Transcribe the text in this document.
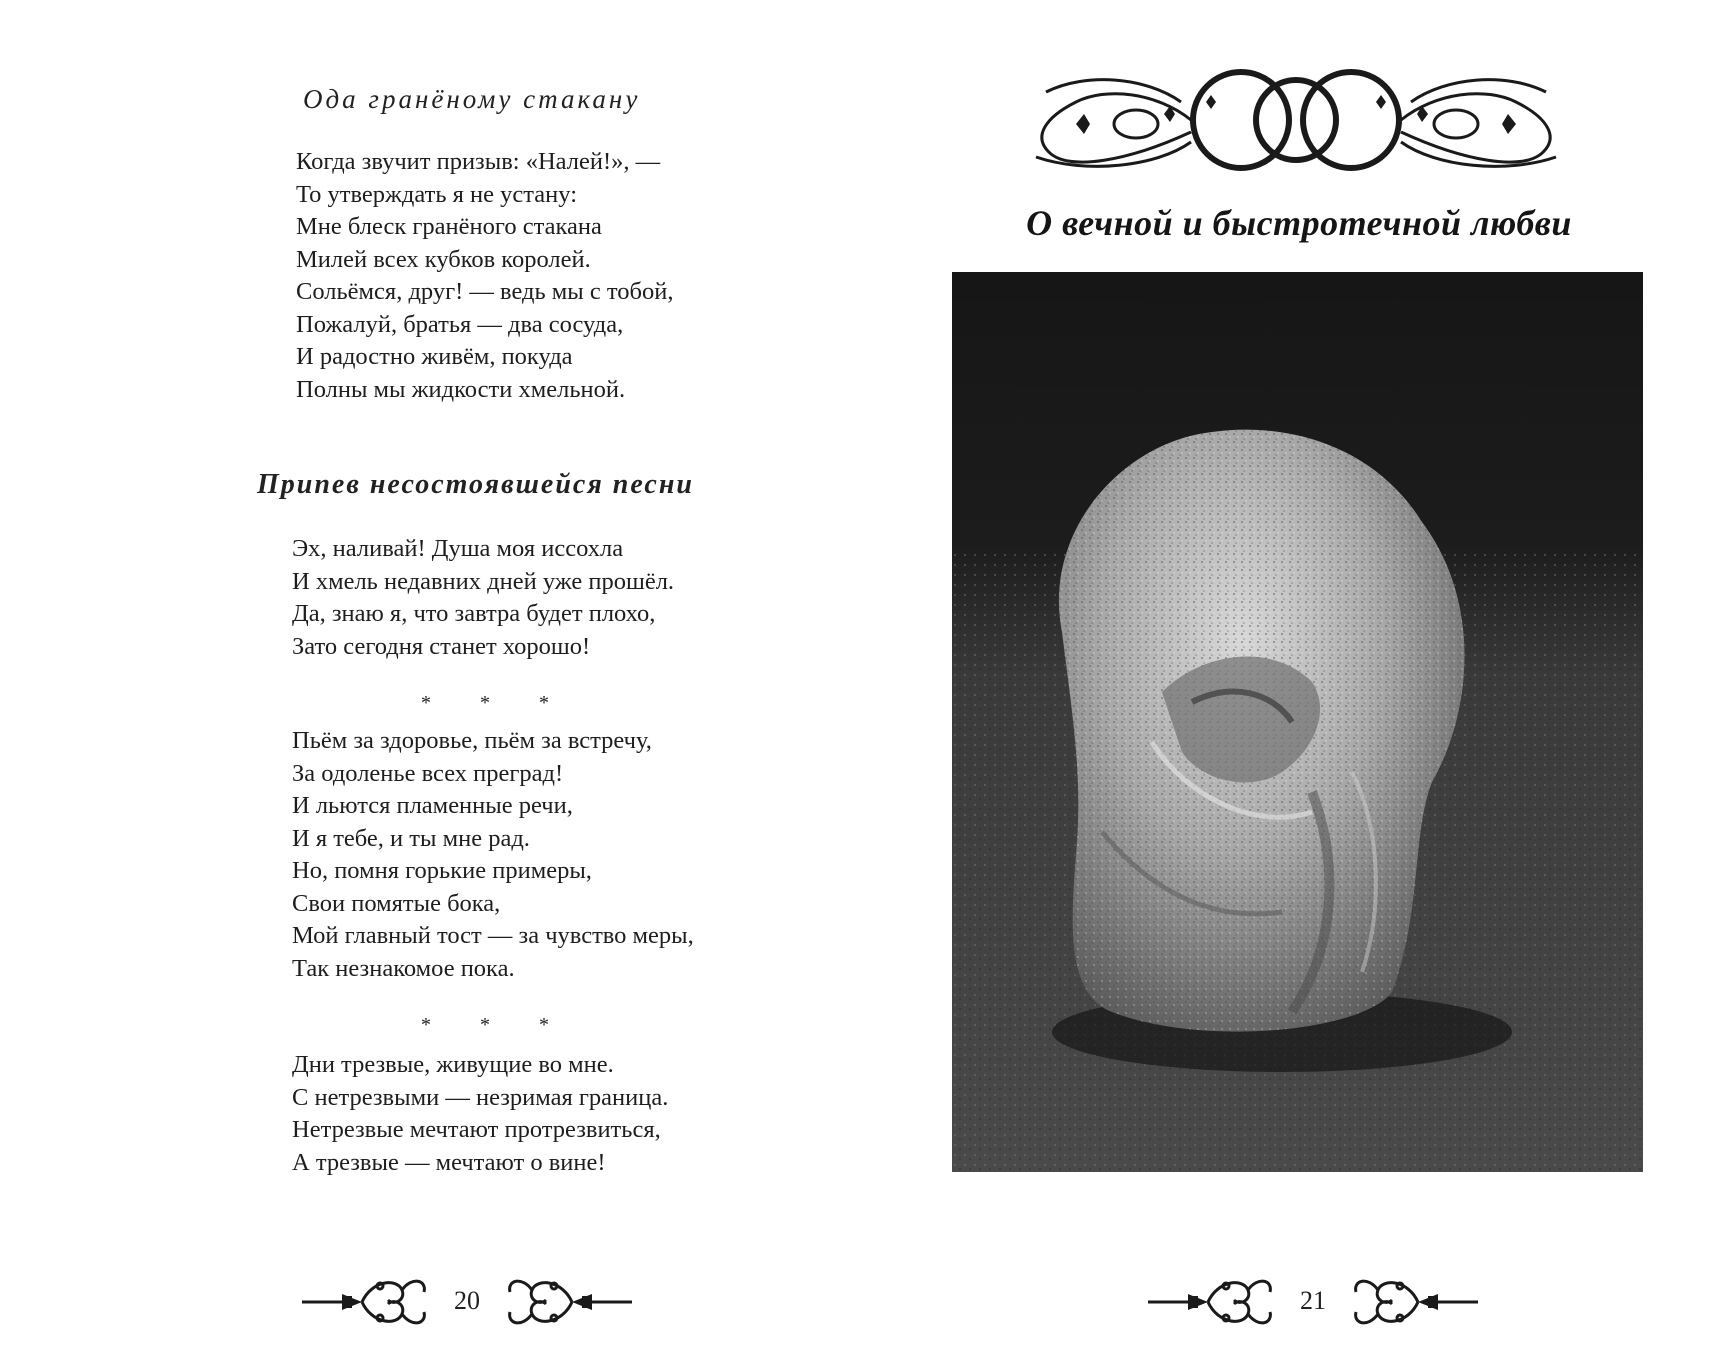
Ода гранёному стакану
Когда звучит призыв: «Налей!», —
То утверждать я не устану:
Мне блеск гранёного стакана
Милей всех кубков королей.
Сольёмся, друг! — ведь мы с тобой,
Пожалуй, братья — два сосуда,
И радостно живём, покуда
Полны мы жидкости хмельной.
Припев несостоявшейся песни
Эх, наливай! Душа моя иссохла
И хмель недавних дней уже прошёл.
Да, знаю я, что завтра будет плохо,
Зато сегодня станет хорошо!
* * *
Пьём за здоровье, пьём за встречу,
За одоленье всех преград!
И льются пламенные речи,
И я тебе, и ты мне рад.
Но, помня горькие примеры,
Свои помятые бока,
Мой главный тост — за чувство меры,
Так незнакомое пока.
* * *
Дни трезвые, живущие во мне.
С нетрезвыми — незримая граница.
Нетрезвые мечтают протрезвиться,
А трезвые — мечтают о вине!
20
О вечной и быстротечной любви
21
